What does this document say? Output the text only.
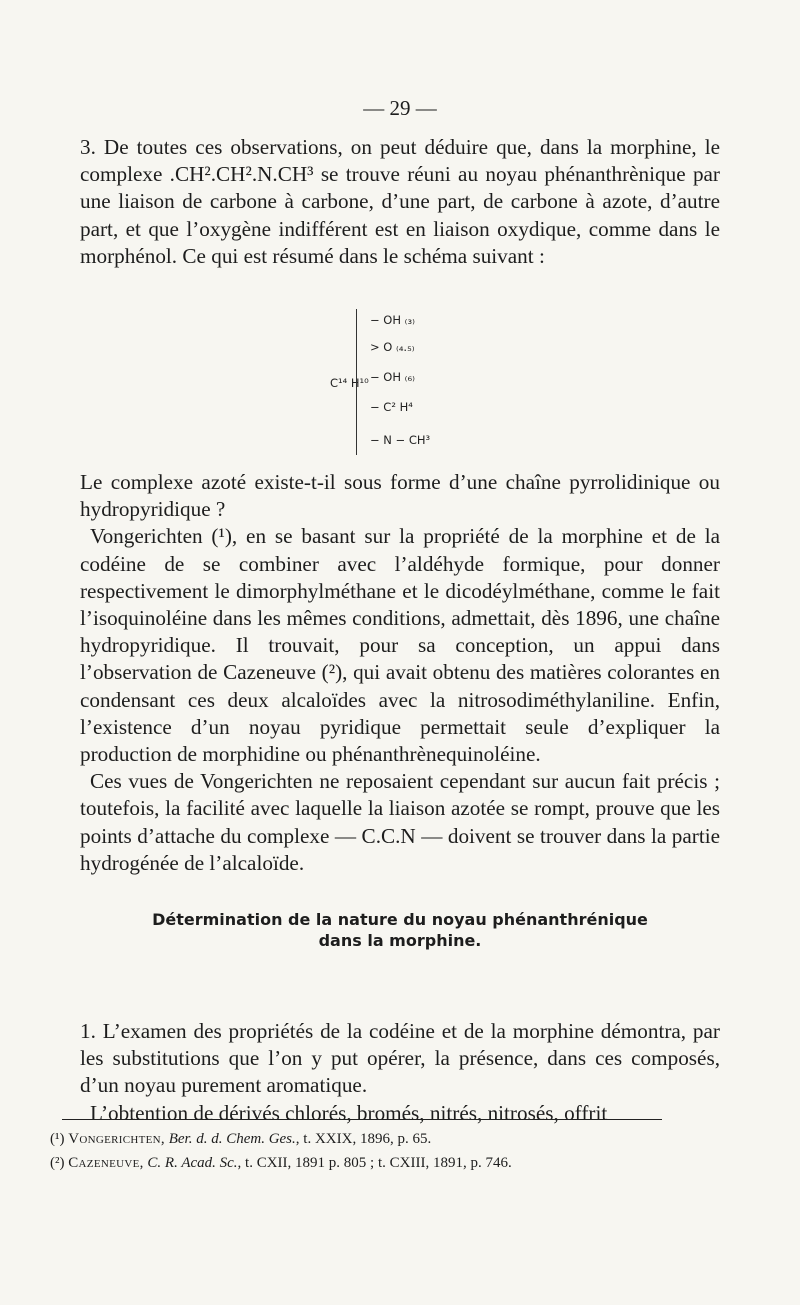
— 29 —

3. De toutes ces observations, on peut déduire que, dans la morphine, le complexe .CH².CH².N.CH³ se trouve réuni au noyau phénanthrènique par une liaison de carbone à carbone, d’une part, de carbone à azote, d’autre part, et que l’oxygène indifférent est en liaison oxydique, comme dans le morphénol. Ce qui est résumé dans le schéma suivant :

C¹⁴ H¹⁰
− OH ₍₃₎
> O ₍₄.₅₎
− OH ₍₆₎
− C² H⁴
− N − CH³

Le complexe azoté existe-t-il sous forme d’une chaîne pyrrolidinique ou hydropyridique ?

Vongerichten (¹), en se basant sur la propriété de la morphine et de la codéine de se combiner avec l’aldéhyde formique, pour donner respectivement le dimorphylméthane et le dicodéylméthane, comme le fait l’isoquinoléine dans les mêmes conditions, admettait, dès 1896, une chaîne hydropyridique. Il trouvait, pour sa conception, un appui dans l’observation de Cazeneuve (²), qui avait obtenu des matières colorantes en condensant ces deux alcaloïdes avec la nitrosodiméthylaniline. Enfin, l’existence d’un noyau pyridique permettait seule d’expliquer la production de morphidine ou phénanthrènequinoléine.

Ces vues de Vongerichten ne reposaient cependant sur aucun fait précis ; toutefois, la facilité avec laquelle la liaison azotée se rompt, prouve que les points d’attache du complexe — C.C.N — doivent se trouver dans la partie hydrogénée de l’alcaloïde.

Détermination de la nature du noyau phénanthrénique
dans la morphine.

1. L’examen des propriétés de la codéine et de la morphine démontra, par les substitutions que l’on y put opérer, la présence, dans ces composés, d’un noyau purement aromatique.

L’obtention de dérivés chlorés, bromés, nitrés, nitrosés, offrit

(¹) Vongerichten, Ber. d. d. Chem. Ges., t. XXIX, 1896, p. 65.
(²) Cazeneuve, C. R. Acad. Sc., t. CXII, 1891 p. 805 ; t. CXIII, 1891, p. 746.
